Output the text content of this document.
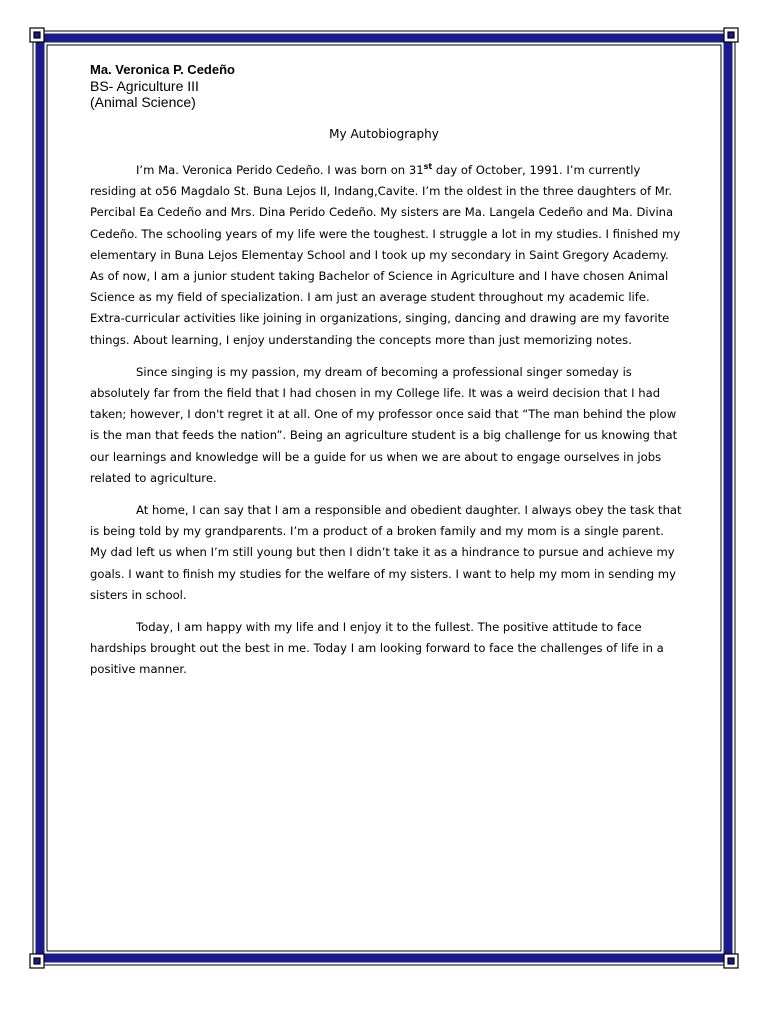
Ma. Veronica P. Cedeño
BS- Agriculture III
(Animal Science)
My Autobiography

I’m Ma. Veronica Perido Cedeño. I was born on 31st day of October, 1991. I’m currently residing at o56 Magdalo St. Buna Lejos II, Indang,Cavite. I’m the oldest in the three daughters of Mr. Percibal Ea Cedeño and Mrs. Dina Perido Cedeño. My sisters are Ma. Langela Cedeño and Ma. Divina Cedeño. The schooling years of my life were the toughest. I struggle a lot in my studies. I finished my elementary in Buna Lejos Elementay School and I took up my secondary in Saint Gregory Academy. As of now, I am a junior student taking Bachelor of Science in Agriculture and I have chosen Animal Science as my field of specialization. I am just an average student throughout my academic life. Extra-curricular activities like joining in organizations, singing, dancing and drawing are my favorite things. About learning, I enjoy understanding the concepts more than just memorizing notes.

Since singing is my passion, my dream of becoming a professional singer someday is absolutely far from the field that I had chosen in my College life. It was a weird decision that I had taken; however, I don't regret it at all. One of my professor once said that “The man behind the plow is the man that feeds the nation”. Being an agriculture student is a big challenge for us knowing that our learnings and knowledge will be a guide for us when we are about to engage ourselves in jobs related to agriculture.

At home, I can say that I am a responsible and obedient daughter. I always obey the task that is being told by my grandparents. I’m a product of a broken family and my mom is a single parent. My dad left us when I’m still young but then I didn’t take it as a hindrance to pursue and achieve my goals. I want to finish my studies for the welfare of my sisters. I want to help my mom in sending my sisters in school.

Today, I am happy with my life and I enjoy it to the fullest. The positive attitude to face hardships brought out the best in me. Today I am looking forward to face the challenges of life in a positive manner.
